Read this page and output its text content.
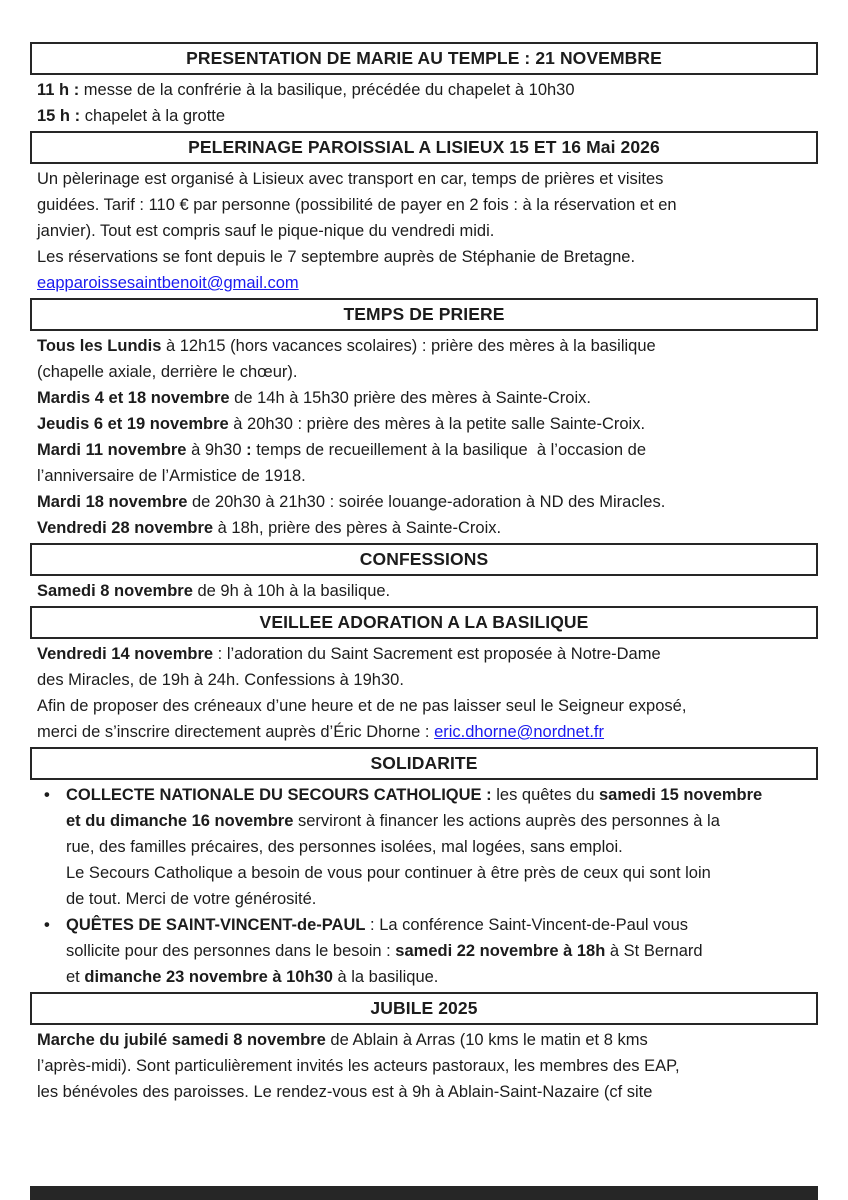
PRESENTATION DE MARIE AU TEMPLE : 21 NOVEMBRE
11 h : messe de la confrérie à la basilique, précédée du chapelet à 10h30
15 h : chapelet à la grotte
PELERINAGE PAROISSIAL A LISIEUX 15 ET 16 Mai 2026
Un pèlerinage est organisé à Lisieux avec transport en car, temps de prières et visites
guidées. Tarif : 110 € par personne (possibilité de payer en 2 fois : à la réservation et en
janvier). Tout est compris sauf le pique-nique du vendredi midi.
Les réservations se font depuis le 7 septembre auprès de Stéphanie de Bretagne.
eapparoissesaintbenoit@gmail.com
TEMPS DE PRIERE
Tous les Lundis à 12h15 (hors vacances scolaires) : prière des mères à la basilique
(chapelle axiale, derrière le chœur).
Mardis 4 et 18 novembre de 14h à 15h30 prière des mères à Sainte-Croix.
Jeudis 6 et 19 novembre à 20h30 : prière des mères à la petite salle Sainte-Croix.
Mardi 11 novembre à 9h30 : temps de recueillement à la basilique  à l’occasion de
l’anniversaire de l’Armistice de 1918.
Mardi 18 novembre de 20h30 à 21h30 : soirée louange-adoration à ND des Miracles.
Vendredi 28 novembre à 18h, prière des pères à Sainte-Croix.
CONFESSIONS
Samedi 8 novembre de 9h à 10h à la basilique.
VEILLEE ADORATION A LA BASILIQUE
Vendredi 14 novembre : l’adoration du Saint Sacrement est proposée à Notre-Dame
des Miracles, de 19h à 24h. Confessions à 19h30.
Afin de proposer des créneaux d’une heure et de ne pas laisser seul le Seigneur exposé,
merci de s’inscrire directement auprès d’Éric Dhorne : eric.dhorne@nordnet.fr
SOLIDARITE
• COLLECTE NATIONALE DU SECOURS CATHOLIQUE : les quêtes du samedi 15 novembre
et du dimanche 16 novembre serviront à financer les actions auprès des personnes à la
rue, des familles précaires, des personnes isolées, mal logées, sans emploi.
Le Secours Catholique a besoin de vous pour continuer à être près de ceux qui sont loin
de tout. Merci de votre générosité.
• QUÊTES DE SAINT-VINCENT-de-PAUL : La conférence Saint-Vincent-de-Paul vous
sollicite pour des personnes dans le besoin : samedi 22 novembre à 18h à St Bernard
et dimanche 23 novembre à 10h30 à la basilique.
JUBILE 2025
Marche du jubilé samedi 8 novembre de Ablain à Arras (10 kms le matin et 8 kms
l’après-midi). Sont particulièrement invités les acteurs pastoraux, les membres des EAP,
les bénévoles des paroisses. Le rendez-vous est à 9h à Ablain-Saint-Nazaire (cf site
